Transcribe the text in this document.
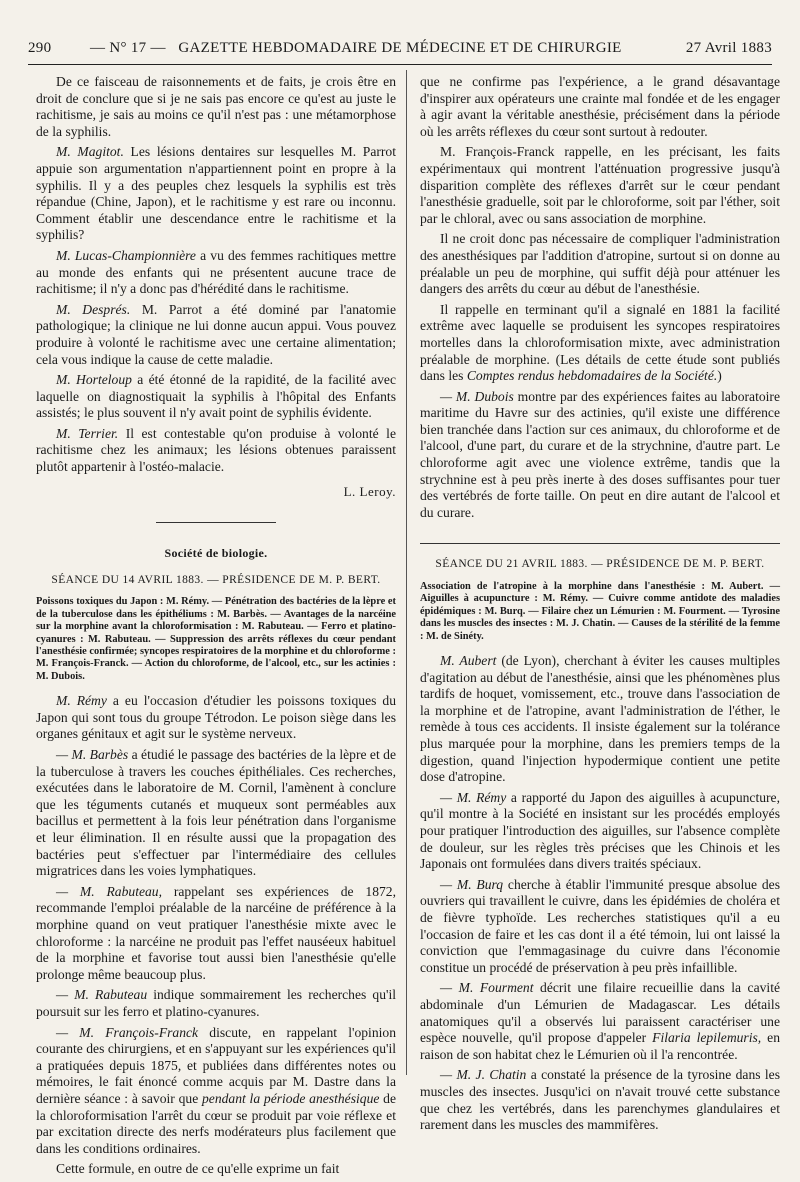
290	— N° 17 — GAZETTE HEBDOMADAIRE DE MÉDECINE ET DE CHIRURGIE	27 Avril 1883

De ce faisceau de raisonnements et de faits, je crois être en droit de conclure que si je ne sais pas encore ce qu'est au juste le rachitisme, je sais au moins ce qu'il n'est pas : une métamorphose de la syphilis.

M. Magitot. Les lésions dentaires sur lesquelles M. Parrot appuie son argumentation n'appartiennent point en propre à la syphilis. Il y a des peuples chez lesquels la syphilis est très répandue (Chine, Japon), et le rachitisme y est rare ou inconnu. Comment établir une descendance entre le rachitisme et la syphilis?

M. Lucas-Championnière a vu des femmes rachitiques mettre au monde des enfants qui ne présentent aucune trace de rachitisme; il n'y a donc pas d'hérédité dans le rachitisme.

M. Després. M. Parrot a été dominé par l'anatomie pathologique; la clinique ne lui donne aucun appui. Vous pouvez produire à volonté le rachitisme avec une certaine alimentation; cela vous indique la cause de cette maladie.

M. Horteloup a été étonné de la rapidité, de la facilité avec laquelle on diagnostiquait la syphilis à l'hôpital des Enfants assistés; le plus souvent il n'y avait point de syphilis évidente.

M. Terrier. Il est contestable qu'on produise à volonté le rachitisme chez les animaux; les lésions obtenues paraissent plutôt appartenir à l'ostéo-malacie.

L. Leroy.
Société de biologie.
SÉANCE DU 14 AVRIL 1883. — PRÉSIDENCE DE M. P. BERT.
Poissons toxiques du Japon : M. Rémy. — Pénétration des bactéries de la lèpre et de la tuberculose dans les épithéliums : M. Barbès. — Avantages de la narcéine sur la morphine avant la chloroformisation : M. Rabuteau. — Ferro et platino-cyanures : M. Rabuteau. — Suppression des arrêts réflexes du cœur pendant l'anesthésie confirmée; syncopes respiratoires de la morphine et du chloroforme : M. François-Franck. — Action du chloroforme, de l'alcool, etc., sur les actinies : M. Dubois.

M. Rémy a eu l'occasion d'étudier les poissons toxiques du Japon qui sont tous du groupe Tétrodon. Le poison siège dans les organes génitaux et agit sur le système nerveux.

— M. Barbès a étudié le passage des bactéries de la lèpre et de la tuberculose à travers les couches épithéliales. Ces recherches, exécutées dans le laboratoire de M. Cornil, l'amènent à conclure que les téguments cutanés et muqueux sont perméables aux bacillus et permettent à la fois leur pénétration dans l'organisme et leur élimination. Il en résulte aussi que la propagation des bactéries peut s'effectuer par l'intermédiaire des cellules migratrices dans les voies lymphatiques.

— M. Rabuteau, rappelant ses expériences de 1872, recommande l'emploi préalable de la narcéine de préférence à la morphine quand on veut pratiquer l'anesthésie mixte avec le chloroforme : la narcéine ne produit pas l'effet nauséeux habituel de la morphine et favorise tout aussi bien l'anesthésie qu'elle prolonge même beaucoup plus.

— M. Rabuteau indique sommairement les recherches qu'il poursuit sur les ferro et platino-cyanures.

— M. François-Franck discute, en rappelant l'opinion courante des chirurgiens, et en s'appuyant sur les expériences qu'il a pratiquées depuis 1875, et publiées dans différentes notes ou mémoires, le fait énoncé comme acquis par M. Dastre dans la dernière séance : à savoir que pendant la période anesthésique de la chloroformisation l'arrêt du cœur se produit par voie réflexe et par excitation directe des nerfs modérateurs plus facilement que dans les conditions ordinaires.

Cette formule, en outre de ce qu'elle exprime un fait

que ne confirme pas l'expérience, a le grand désavantage d'inspirer aux opérateurs une crainte mal fondée et de les engager à agir avant la véritable anesthésie, précisément dans la période où les arrêts réflexes du cœur sont surtout à redouter.

M. François-Franck rappelle, en les précisant, les faits expérimentaux qui montrent l'atténuation progressive jusqu'à disparition complète des réflexes d'arrêt sur le cœur pendant l'anesthésie graduelle, soit par le chloroforme, soit par l'éther, soit par le chloral, avec ou sans association de morphine.

Il ne croit donc pas nécessaire de compliquer l'administration des anesthésiques par l'addition d'atropine, surtout si on donne au préalable un peu de morphine, qui suffit déjà pour atténuer les dangers des arrêts du cœur au début de l'anesthésie.

Il rappelle en terminant qu'il a signalé en 1881 la facilité extrême avec laquelle se produisent les syncopes respiratoires mortelles dans la chloroformisation mixte, avec administration préalable de morphine. (Les détails de cette étude sont publiés dans les Comptes rendus hebdomadaires de la Société.)

— M. Dubois montre par des expériences faites au laboratoire maritime du Havre sur des actinies, qu'il existe une différence bien tranchée dans l'action sur ces animaux, du chloroforme et de l'alcool, d'une part, du curare et de la strychnine, d'autre part. Le chloroforme agit avec une violence extrême, tandis que la strychnine est à peu près inerte à des doses suffisantes pour tuer des vertébrés de forte taille. On peut en dire autant de l'alcool et du curare.

SÉANCE DU 21 AVRIL 1883. — PRÉSIDENCE DE M. P. BERT.
Association de l'atropine à la morphine dans l'anesthésie : M. Aubert. — Aiguilles à acupuncture : M. Rémy. — Cuivre comme antidote des maladies épidémiques : M. Burq. — Filaire chez un Lémurien : M. Fourment. — Tyrosine dans les muscles des insectes : M. J. Chatin. — Causes de la stérilité de la femme : M. de Sinéty.

M. Aubert (de Lyon), cherchant à éviter les causes multiples d'agitation au début de l'anesthésie, ainsi que les phénomènes plus tardifs de hoquet, vomissement, etc., trouve dans l'association de la morphine et de l'atropine, avant l'administration de l'éther, le remède à tous ces accidents. Il insiste également sur la tolérance plus marquée pour la morphine, dans les premiers temps de la digestion, quand l'injection hypodermique contient une petite dose d'atropine.

— M. Rémy a rapporté du Japon des aiguilles à acupuncture, qu'il montre à la Société en insistant sur les procédés employés pour pratiquer l'introduction des aiguilles, sur l'absence complète de douleur, sur les règles très précises que les Chinois et les Japonais ont formulées dans divers traités spéciaux.

— M. Burq cherche à établir l'immunité presque absolue des ouvriers qui travaillent le cuivre, dans les épidémies de choléra et de fièvre typhoïde. Les recherches statistiques qu'il a eu l'occasion de faire et les cas dont il a été témoin, lui ont laissé la conviction que l'emmagasinage du cuivre dans l'économie constitue un procédé de préservation à peu près infaillible.

— M. Fourment décrit une filaire recueillie dans la cavité abdominale d'un Lémurien de Madagascar. Les détails anatomiques qu'il a observés lui paraissent caractériser une espèce nouvelle, qu'il propose d'appeler Filaria lepilemuris, en raison de son habitat chez le Lémurien où il l'a rencontrée.

— M. J. Chatin a constaté la présence de la tyrosine dans les muscles des insectes. Jusqu'ici on n'avait trouvé cette substance que chez les vertébrés, dans les parenchymes glandulaires et rarement dans les muscles des mammifères.
